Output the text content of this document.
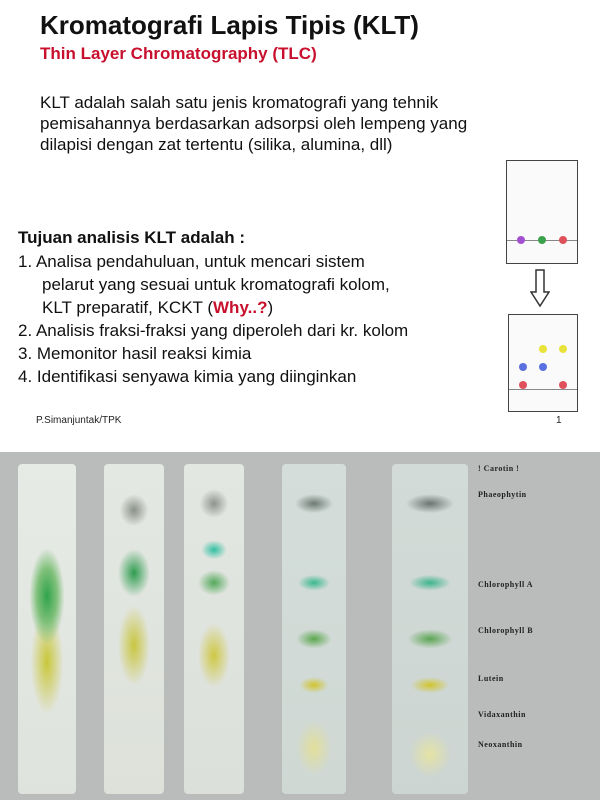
Kromatografi Lapis Tipis (KLT)
Thin Layer Chromatography (TLC)
KLT adalah salah satu jenis kromatografi yang tehnik
pemisahannya berdasarkan adsorpsi oleh lempeng yang
dilapisi dengan zat tertentu (silika, alumina, dll)
Tujuan analisis KLT adalah :
1. Analisa pendahuluan, untuk mencari sistem
pelarut yang sesuai untuk kromatografi kolom,
KLT preparatif, KCKT (Why..?)
2. Analisis fraksi-fraksi yang diperoleh dari kr. kolom
3. Memonitor hasil reaksi kimia
4. Identifikasi senyawa kimia yang diinginkan
P.Simanjuntak/TPK	1
! Carotin !
Phaeophytin
Chlorophyll A
Chlorophyll B
Lutein
Vidaxanthin
Neoxanthin
